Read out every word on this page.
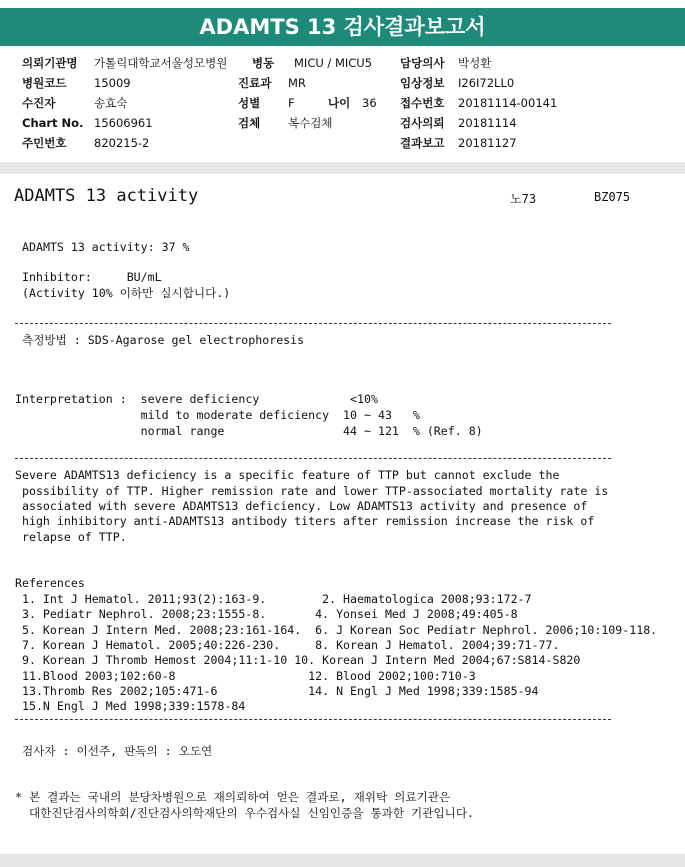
ADAMTS 13 검사결과보고서
의뢰기관명 가톨릭대학교서울성모병원 병동 MICU / MICU5 담당의사 박성환
병원코드 15009	진료과 MR	임상정보 I26I72LL0
수진자	송효숙	성별 F	나이 36 접수번호 20181114-00141
Chart No. 15606961	검체 복수검체	검사의뢰 20181114
주민번호 820215-2	결과보고 20181127
ADAMTS 13 activity	노73	BZ075
ADAMTS 13 activity: 37 %
Inhibitor:     BU/mL
(Activity 10% 이하만 실시합니다.)
측정방법 : SDS-Agarose gel electrophoresis
Interpretation :  severe deficiency             <10%
mild to moderate deficiency  10 ~ 43   %
normal range                 44 ~ 121  % (Ref. 8)
Severe ADAMTS13 deficiency is a specific feature of TTP but cannot exclude the
possibility of TTP. Higher remission rate and lower TTP-associated mortality rate is
associated with severe ADAMTS13 deficiency. Low ADAMTS13 activity and presence of
high inhibitory anti-ADAMTS13 antibody titers after remission increase the risk of
relapse of TTP.
References
1. Int J Hematol. 2011;93(2):163-9.        2. Haematologica 2008;93:172-7
3. Pediatr Nephrol. 2008;23:1555-8.       4. Yonsei Med J 2008;49:405-8
5. Korean J Intern Med. 2008;23:161-164.  6. J Korean Soc Pediatr Nephrol. 2006;10:109-118.
7. Korean J Hematol. 2005;40:226-230.     8. Korean J Hematol. 2004;39:71-77.
9. Korean J Thromb Hemost 2004;11:1-10 10. Korean J Intern Med 2004;67:S814-S820
11.Blood 2003;102:60-8                   12. Blood 2002;100:710-3
13.Thromb Res 2002;105:471-6             14. N Engl J Med 1998;339:1585-94
15.N Engl J Med 1998;339:1578-84
검사자 : 이선주, 판독의 : 오도연
* 본 결과는 국내의 분당차병원으로 재의뢰하여 얻은 결과로, 재위탁 의료기관은
대한진단검사의학회/진단검사의학재단의 우수검사실 신임인증을 통과한 기관입니다.
